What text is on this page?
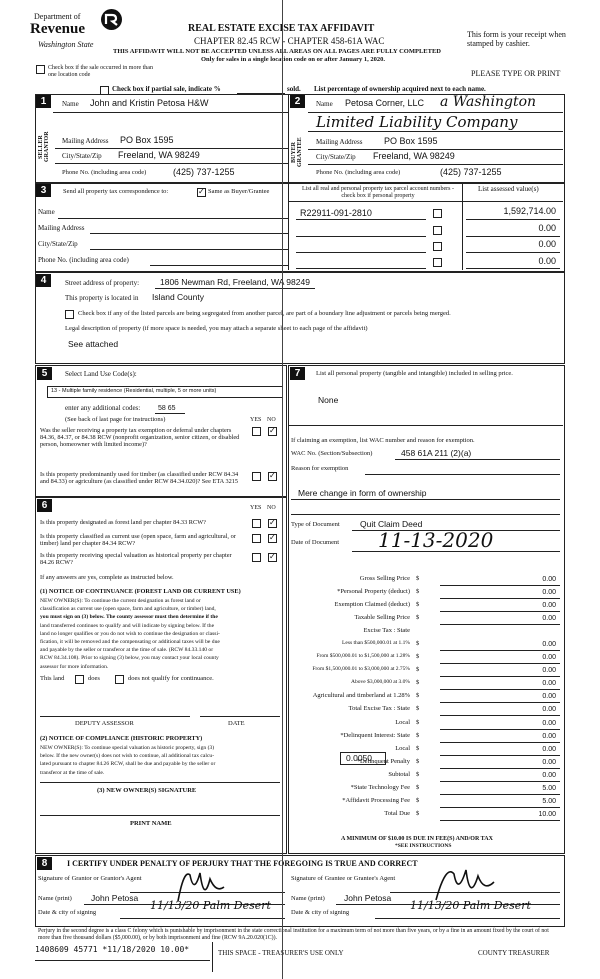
Department of
Revenue
Washington State
REAL ESTATE EXCISE TAX AFFIDAVIT
CHAPTER 82.45 RCW - CHAPTER 458-61A WAC
THIS AFFIDAVIT WILL NOT BE ACCEPTED UNLESS ALL AREAS ON ALL PAGES ARE FULLY COMPLETED
Only for sales in a single location code on or after January 1, 2020.
This form is your receipt when stamped by cashier.
PLEASE TYPE OR PRINT
Check box if the sale occurred in more than one location code
Check box if partial sale, indicate %	sold. List percentage of ownership acquired next to each name.
1
SELLER GRANTOR
Name John and Kristin Petosa H&W
Mailing Address PO Box 1595
City/State/Zip Freeland, WA 98249
Phone No. (including area code)	(425) 737-1255
2
BUYER GRANTEE
Name Petosa Corner, LLC a Washington
Limited Liability Company
Mailing Address PO Box 1595
City/State/Zip Freeland, WA 98249
Phone No. (including area code)	(425) 737-1255
3	Send all property tax correspondence to:
✓	Same as Buyer/Grantee
Name
Mailing Address
City/State/Zip
Phone No. (including area code)
List all real and personal property tax parcel account numbers - check box if personal property
List assessed value(s)
R22911-091-2810	1,592,714.00
0.00
0.00
0.00
4	Street address of property: 1806 Newman Rd, Freeland, WA 98249
This property is located in Island County
Check box if any of the listed parcels are being segregated from another parcel, are part of a boundary line adjustment or parcels being merged.
Legal description of property (if more space is needed, you may attach a separate sheet to each page of the affidavit)
See attached
5	Select Land Use Code(s):
13 - Multiple family residence (Residential, multiple, 5 or more units)
enter any additional codes:	58 65
(See back of last page for instructions)	YES NO
Was the seller receiving a property tax exemption or deferral under chapters 84.36, 84.37, or 84.38 RCW (nonprofit organization, senior citizen, or disabled person, homeowner with limited income)?
✓
Is this property predominantly used for timber (as classified under RCW 84.34 and 84.33) or agriculture (as classified under RCW 84.34.020)? See ETA 3215
✓
6	YES NO
Is this property designated as forest land per chapter 84.33 RCW?
✓
Is this property classified as current use (open space, farm and agricultural, or timber) land per chapter 84.34 RCW?
✓
Is this property receiving special valuation as historical property per chapter 84.26 RCW?
✓
If any answers are yes, complete as instructed below.
(1) NOTICE OF CONTINUANCE (FOREST LAND OR CURRENT USE)
NEW OWNER(S): To continue the current designation as forest land or
classification as current use (open space, farm and agriculture, or timber) land,
you must sign on (3) below. The county assessor must then determine if the
land transferred continues to qualify and will indicate by signing below. If the
land no longer qualifies or you do not wish to continue the designation or classi-
fication, it will be removed and the compensating or additional taxes will be due
and payable by the seller or transferor at the time of sale. (RCW 84.33.140 or
RCW 84.34.108). Prior to signing (3) below, you may contact your local county
assessor for more information.
This land	does	does not qualify for continuance.
DEPUTY ASSESSOR	DATE
(2) NOTICE OF COMPLIANCE (HISTORIC PROPERTY)
NEW OWNER(S): To continue special valuation as historic property, sign (3)
below. If the new owner(s) does not wish to continue, all additional tax calcu-
lated pursuant to chapter 84.26 RCW, shall be due and payable by the seller or
transferor at the time of sale.
(3) NEW OWNER(S) SIGNATURE
PRINT NAME
7	List all personal property (tangible and intangible) included in selling price.
None
If claiming an exemption, list WAC number and reason for exemption.
WAC No. (Section/Subsection)	458 61A 211 (2)(a)
Reason for exemption
Mere change in form of ownership
Type of Document Quit Claim Deed
Date of Document 11-13-2020
Gross Selling Price $	0.00
*Personal Property (deduct) $	0.00
Exemption Claimed (deduct) $	0.00
Taxable Selling Price $	0.00
Excise Tax : State
Less than $500,000.01 at 1.1% $	0.00
From $500,000.01 to $1,500,000 at 1.28% $	0.00
From $1,500,000.01 to $3,000,000 at 2.75% $	0.00
Above $3,000,000 at 3.0% $	0.00
Agricultural and timberland at 1.28% $	0.00
Total Excise Tax : State $	0.00
Local $	0.00
*Delinquent Interest: State $	0.00
Local $	0.00
*Delinquent Penalty $	0.00
Subtotal $	0.00
*State Technology Fee $	5.00
*Affidavit Processing Fee $	5.00
Total Due $	10.00
0.0050
A MINIMUM OF $10.00 IS DUE IN FEE(S) AND/OR TAX
*SEE INSTRUCTIONS
8	I CERTIFY UNDER PENALTY OF PERJURY THAT THE FOREGOING IS TRUE AND CORRECT
Signature of Grantor or Grantor's Agent
Name (print) John Petosa
Date & city of signing
11/13/20 Palm Desert
Signature of Grantee or Grantee's Agent
Name (print) John Petosa
Date & city of signing
11/13/20 Palm Desert
Perjury in the second degree is a class C felony which is punishable by imprisonment in the state correctional institution for a maximum term of not more than five years, or by a fine in an amount fixed by the court of not more than five thousand dollars ($5,000.00), or by both imprisonment and fine (RCW 9A.20.020(1C)).
1408609 45771 *11/18/2020 10.00*	THIS SPACE - TREASURER'S USE ONLY	COUNTY TREASURER
